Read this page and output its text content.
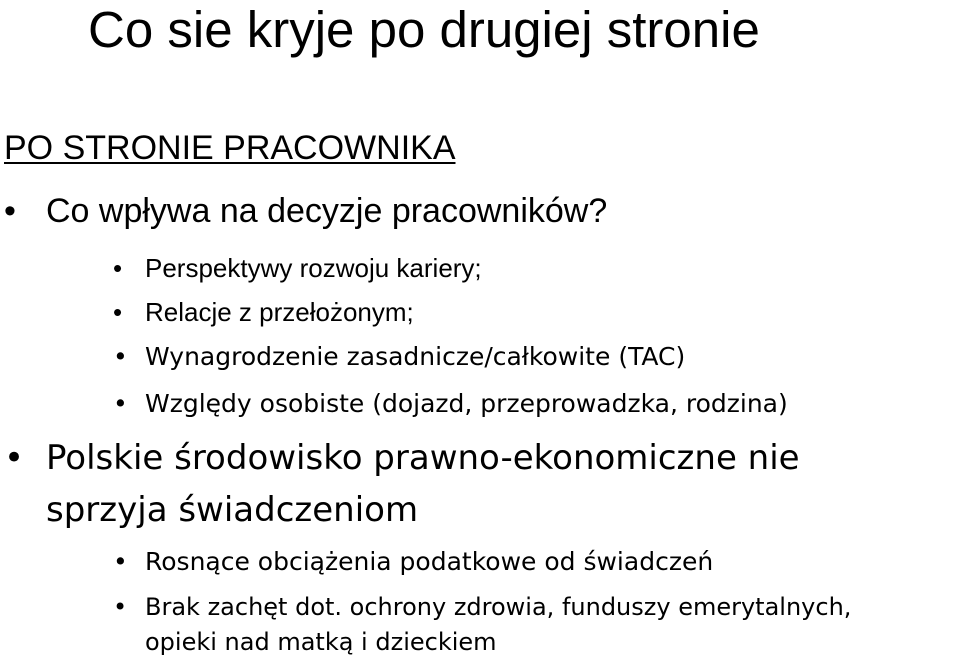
Co sie kryje po drugiej stronie
PO STRONIE PRACOWNIKA
• Co wpływa na decyzje pracowników?
• Perspektywy rozwoju kariery;
• Relacje z przełożonym;
• Wynagrodzenie zasadnicze/całkowite (TAC)
• Względy osobiste (dojazd, przeprowadzka, rodzina)
• Polskie środowisko prawno-ekonomiczne nie
sprzyja świadczeniom
• Rosnące obciążenia podatkowe od świadczeń
• Brak zachęt dot. ochrony zdrowia, funduszy emerytalnych,
opieki nad matką i dzieckiem
